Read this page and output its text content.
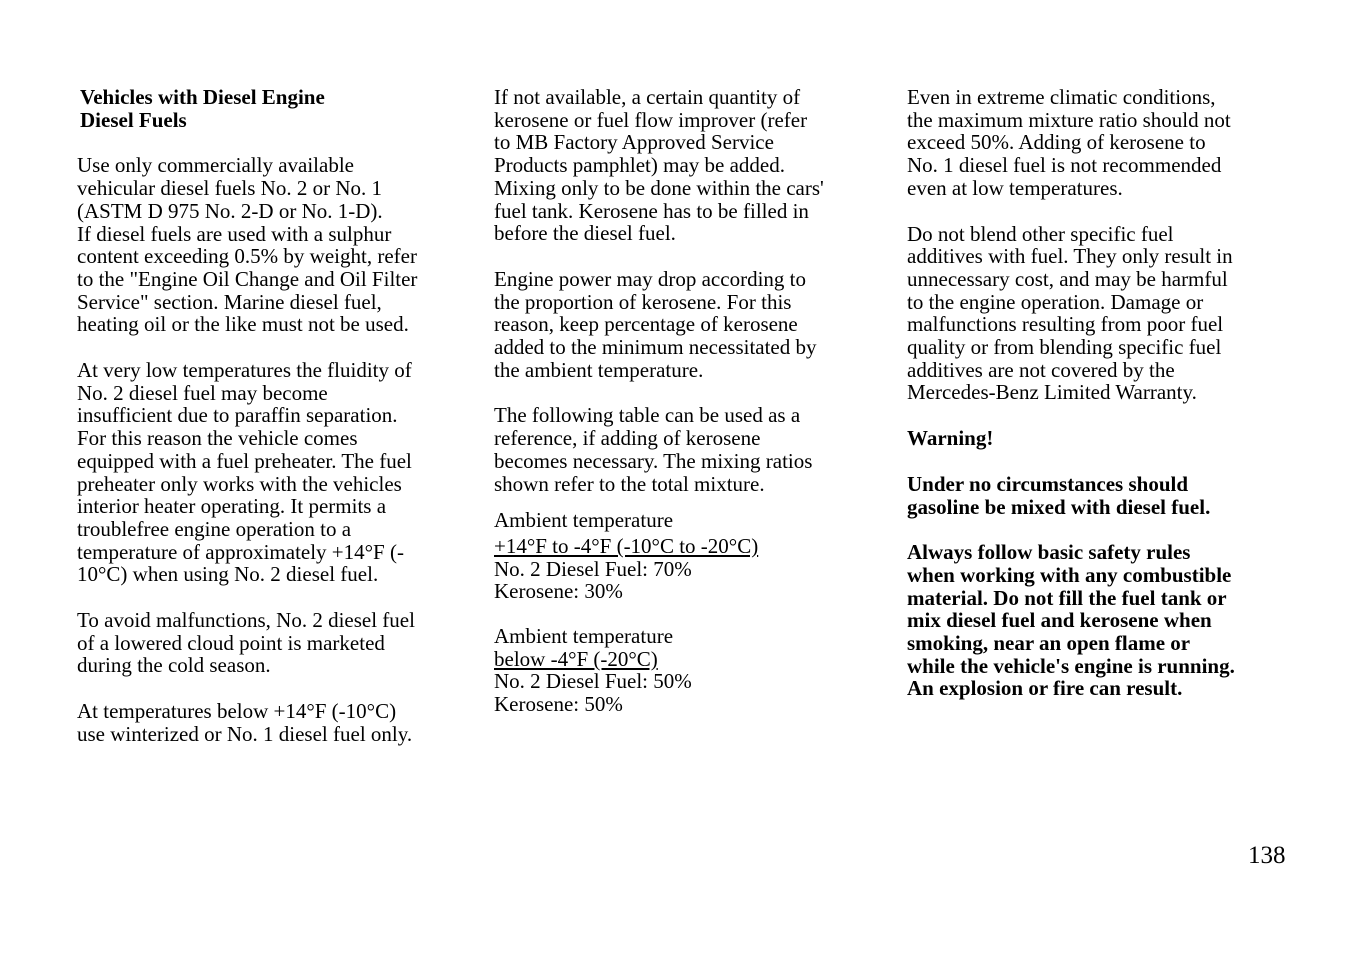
Vehicles with Diesel Engine
Diesel Fuels

Use only commercially available
vehicular diesel fuels No. 2 or No. 1
(ASTM D 975 No. 2-D or No. 1-D).
If diesel fuels are used with a sulphur
content exceeding 0.5% by weight, refer
to the "Engine Oil Change and Oil Filter
Service" section. Marine diesel fuel,
heating oil or the like must not be used.

At very low temperatures the fluidity of
No. 2 diesel fuel may become
insufficient due to paraffin separation.
For this reason the vehicle comes
equipped with a fuel preheater. The fuel
preheater only works with the vehicles
interior heater operating. It permits a
troublefree engine operation to a
temperature of approximately +14°F (-
10°C) when using No. 2 diesel fuel.

To avoid malfunctions, No. 2 diesel fuel
of a lowered cloud point is marketed
during the cold season.

At temperatures below +14°F (-10°C)
use winterized or No. 1 diesel fuel only.

If not available, a certain quantity of
kerosene or fuel flow improver (refer
to MB Factory Approved Service
Products pamphlet) may be added.
Mixing only to be done within the cars'
fuel tank. Kerosene has to be filled in
before the diesel fuel.

Engine power may drop according to
the proportion of kerosene. For this
reason, keep percentage of kerosene
added to the minimum necessitated by
the ambient temperature.

The following table can be used as a
reference, if adding of kerosene
becomes necessary. The mixing ratios
shown refer to the total mixture.

Ambient temperature
+14°F to -4°F (-10°C to -20°C)
No. 2 Diesel Fuel: 70%
Kerosene: 30%
Ambient temperature
below -4°F (-20°C)
No. 2 Diesel Fuel: 50%
Kerosene: 50%

Even in extreme climatic conditions,
the maximum mixture ratio should not
exceed 50%. Adding of kerosene to
No. 1 diesel fuel is not recommended
even at low temperatures.

Do not blend other specific fuel
additives with fuel. They only result in
unnecessary cost, and may be harmful
to the engine operation. Damage or
malfunctions resulting from poor fuel
quality or from blending specific fuel
additives are not covered by the
Mercedes-Benz Limited Warranty.

Warning!

Under no circumstances should
gasoline be mixed with diesel fuel.

Always follow basic safety rules
when working with any combustible
material. Do not fill the fuel tank or
mix diesel fuel and kerosene when
smoking, near an open flame or
while the vehicle's engine is running.
An explosion or fire can result.

138
